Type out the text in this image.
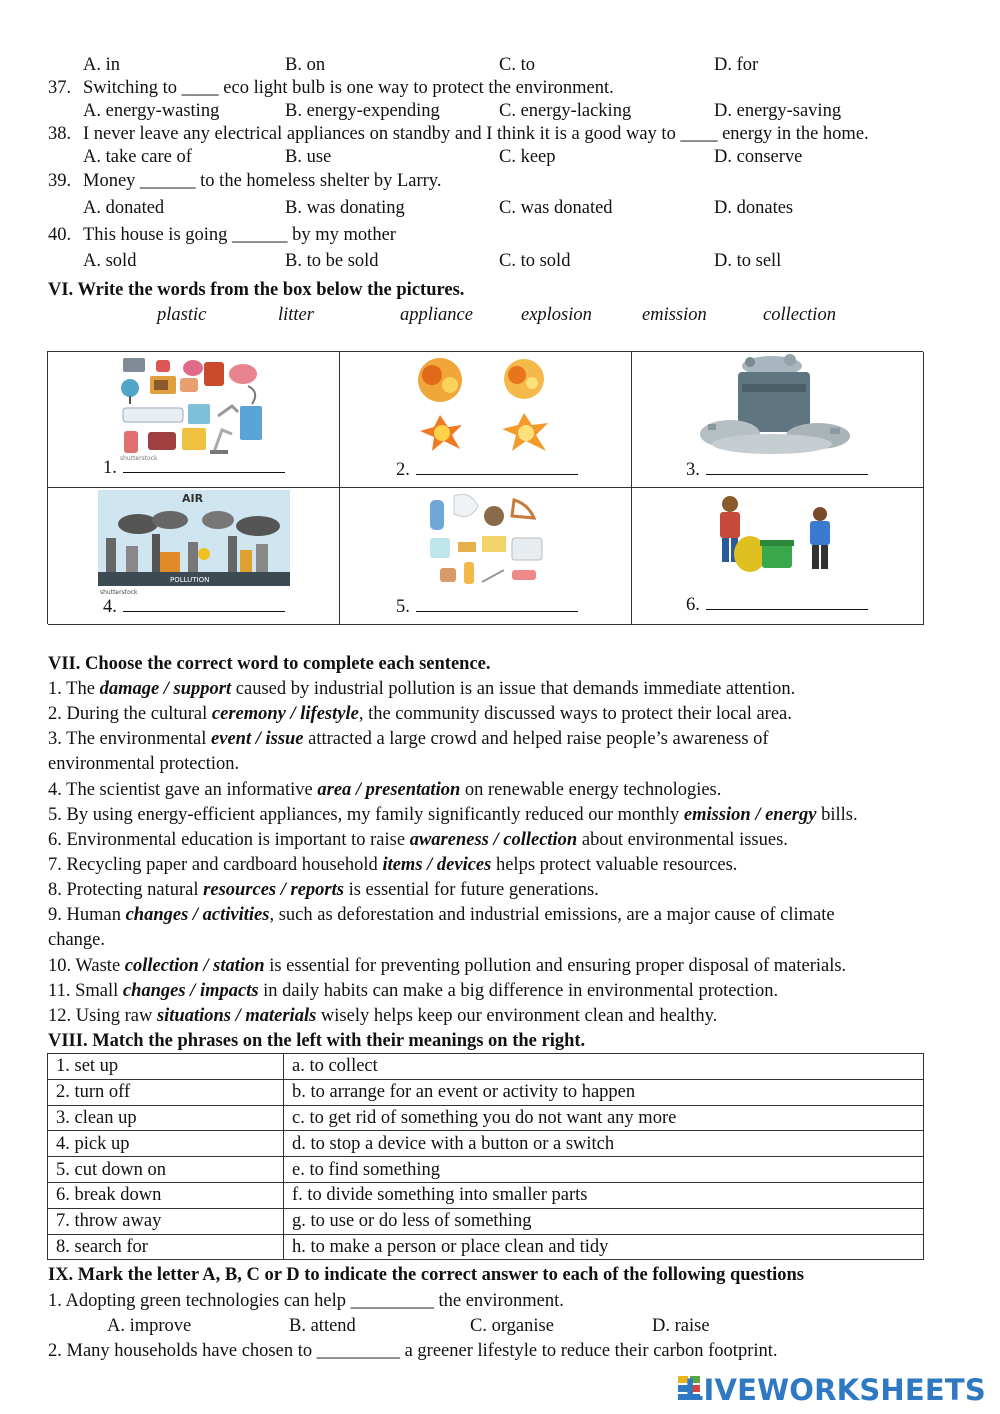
A. in	B. on	C. to	D. for
37. Switching to ____ eco light bulb is one way to protect the environment.
A. energy-wasting	B. energy-expending	C. energy-lacking	D. energy-saving
38. I never leave any electrical appliances on standby and I think it is a good way to ____ energy in the home.
A. take care of	B. use	C. keep	D. conserve
39. Money ______ to the homeless shelter by Larry.
A. donated	B. was donating	C. was donated	D. donates
40. This house is going ______ by my mother
A. sold	B. to be sold	C. to sold	D. to sell
VI. Write the words from the box below the pictures.
plastic	litter	appliance	explosion	emission	collection
shutterstock
1.	2.	3.
AIR
POLLUTION
shutterstock
4.	5.	6.
VII. Choose the correct word to complete each sentence.
1. The damage / support caused by industrial pollution is an issue that demands immediate attention.
2. During the cultural ceremony / lifestyle, the community discussed ways to protect their local area.
3. The environmental event / issue attracted a large crowd and helped raise people’s awareness of
environmental protection.
4. The scientist gave an informative area / presentation on renewable energy technologies.
5. By using energy-efficient appliances, my family significantly reduced our monthly emission / energy bills.
6. Environmental education is important to raise awareness / collection about environmental issues.
7. Recycling paper and cardboard household items / devices helps protect valuable resources.
8. Protecting natural resources / reports is essential for future generations.
9. Human changes / activities, such as deforestation and industrial emissions, are a major cause of climate
change.
10. Waste collection / station is essential for preventing pollution and ensuring proper disposal of materials.
11. Small changes / impacts in daily habits can make a big difference in environmental protection.
12. Using raw situations / materials wisely helps keep our environment clean and healthy.
VIII. Match the phrases on the left with their meanings on the right.
1. set up	a. to collect
2. turn off	b. to arrange for an event or activity to happen
3. clean up	c. to get rid of something you do not want any more
4. pick up	d. to stop a device with a button or a switch
5. cut down on	e. to find something
6. break down	f. to divide something into smaller parts
7. throw away	g. to use or do less of something
8. search for	h. to make a person or place clean and tidy
IX. Mark the letter A, B, C or D to indicate the correct answer to each of the following questions
1. Adopting green technologies can help _________ the environment.
A. improve	B. attend	C. organise	D. raise
2. Many households have chosen to _________ a greener lifestyle to reduce their carbon footprint.
LIVEWORKSHEETS
